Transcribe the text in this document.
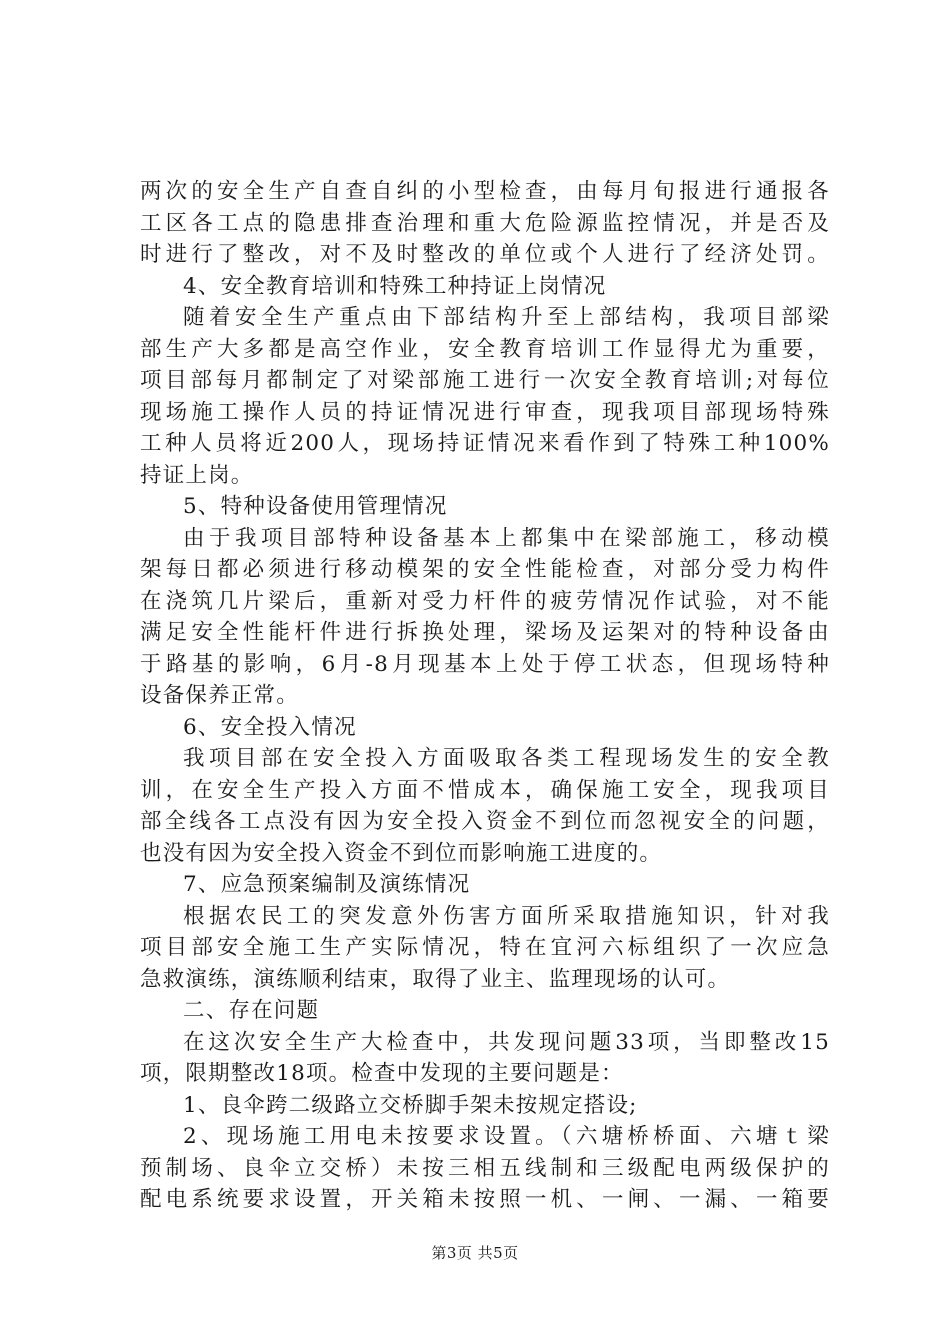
两次的安全生产自查自纠的小型检查，由每月旬报进行通报各
工区各工点的隐患排查治理和重大危险源监控情况，并是否及
时进行了整改，对不及时整改的单位或个人进行了经济处罚。
4、安全教育培训和特殊工种持证上岗情况
随着安全生产重点由下部结构升至上部结构，我项目部梁
部生产大多都是高空作业，安全教育培训工作显得尤为重要，
项目部每月都制定了对梁部施工进行一次安全教育培训;对每位
现场施工操作人员的持证情况进行审查，现我项目部现场特殊
工种人员将近200人，现场持证情况来看作到了特殊工种100%
持证上岗。
5、特种设备使用管理情况
由于我项目部特种设备基本上都集中在梁部施工，移动模
架每日都必须进行移动模架的安全性能检查，对部分受力构件
在浇筑几片梁后，重新对受力杆件的疲劳情况作试验，对不能
满足安全性能杆件进行拆换处理，梁场及运架对的特种设备由
于路基的影响，6月-8月现基本上处于停工状态，但现场特种
设备保养正常。
6、安全投入情况
我项目部在安全投入方面吸取各类工程现场发生的安全教
训，在安全生产投入方面不惜成本，确保施工安全，现我项目
部全线各工点没有因为安全投入资金不到位而忽视安全的问题，
也没有因为安全投入资金不到位而影响施工进度的。
7、应急预案编制及演练情况
根据农民工的突发意外伤害方面所采取措施知识，针对我
项目部安全施工生产实际情况，特在宜河六标组织了一次应急
急救演练，演练顺利结束，取得了业主、监理现场的认可。
二、存在问题
在这次安全生产大检查中，共发现问题33项，当即整改15
项，限期整改18项。检查中发现的主要问题是：
1、良伞跨二级路立交桥脚手架未按规定搭设;
2、现场施工用电未按要求设置。（六塘桥桥面、六塘ｔ梁
预制场、良伞立交桥）未按三相五线制和三级配电两级保护的
配电系统要求设置，开关箱未按照一机、一闸、一漏、一箱要
第3页 共5页
